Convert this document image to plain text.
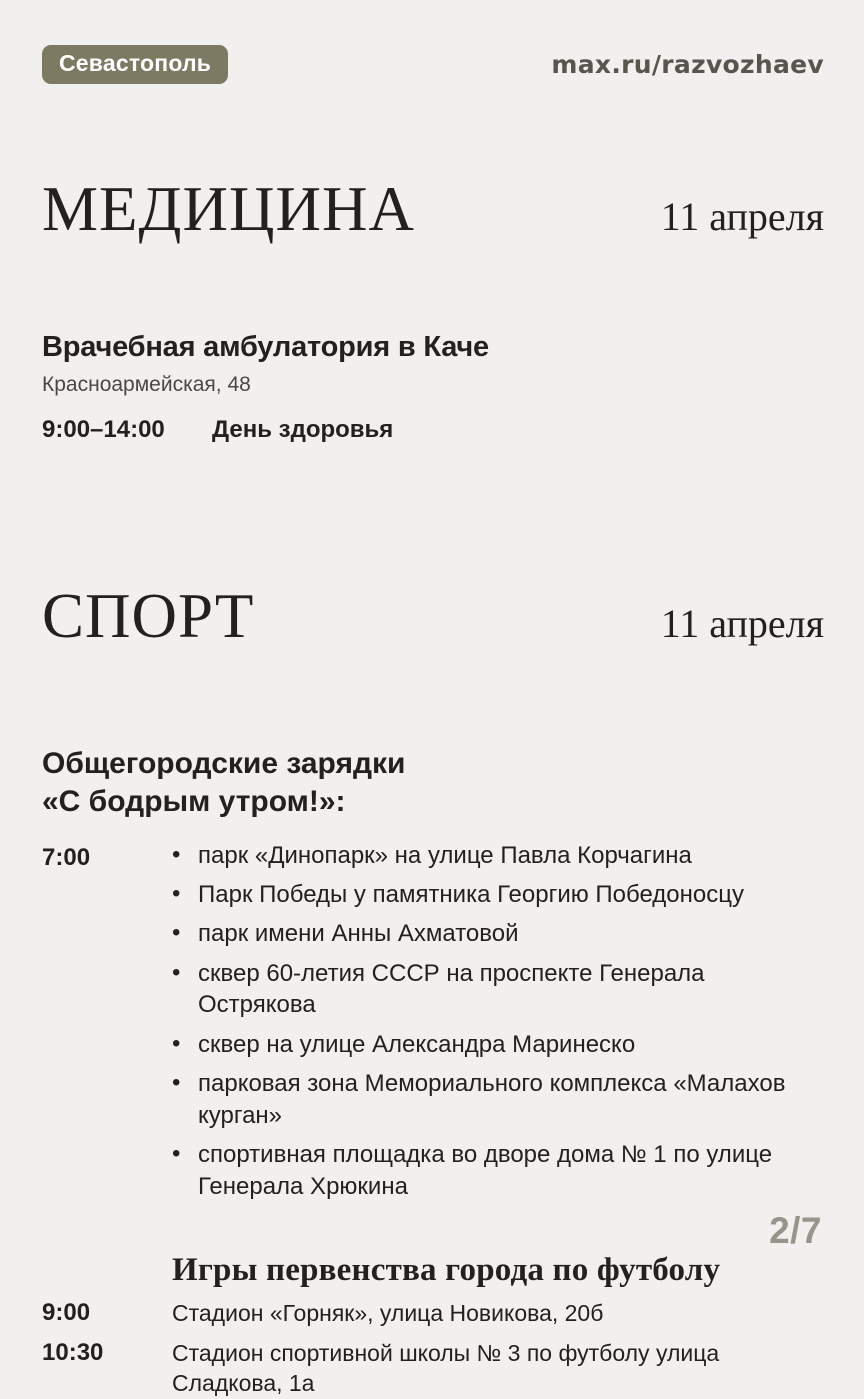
Севастополь	max.ru/razvozhaev
МЕДИЦИНА	11 апреля
Врачебная амбулатория в Каче
Красноармейская, 48
9:00–14:00	День здоровья
СПОРТ	11 апреля
Общегородские зарядки
«С бодрым утром!»:
7:00	• парк «Динопарк» на улице Павла Корчагина
• Парк Победы у памятника Георгию Победоносцу
• парк имени Анны Ахматовой
• сквер 60-летия СССР на проспекте Генерала Острякова
• сквер на улице Александра Маринеско
• парковая зона Мемориального комплекса «Малахов курган»
• спортивная площадка во дворе дома № 1 по улице Генерала Хрюкина
Игры первенства города по футболу
9:00	Стадион «Горняк», улица Новикова, 20б
10:30	Стадион спортивной школы № 3 по футболу улица Сладкова, 1а
2/7
